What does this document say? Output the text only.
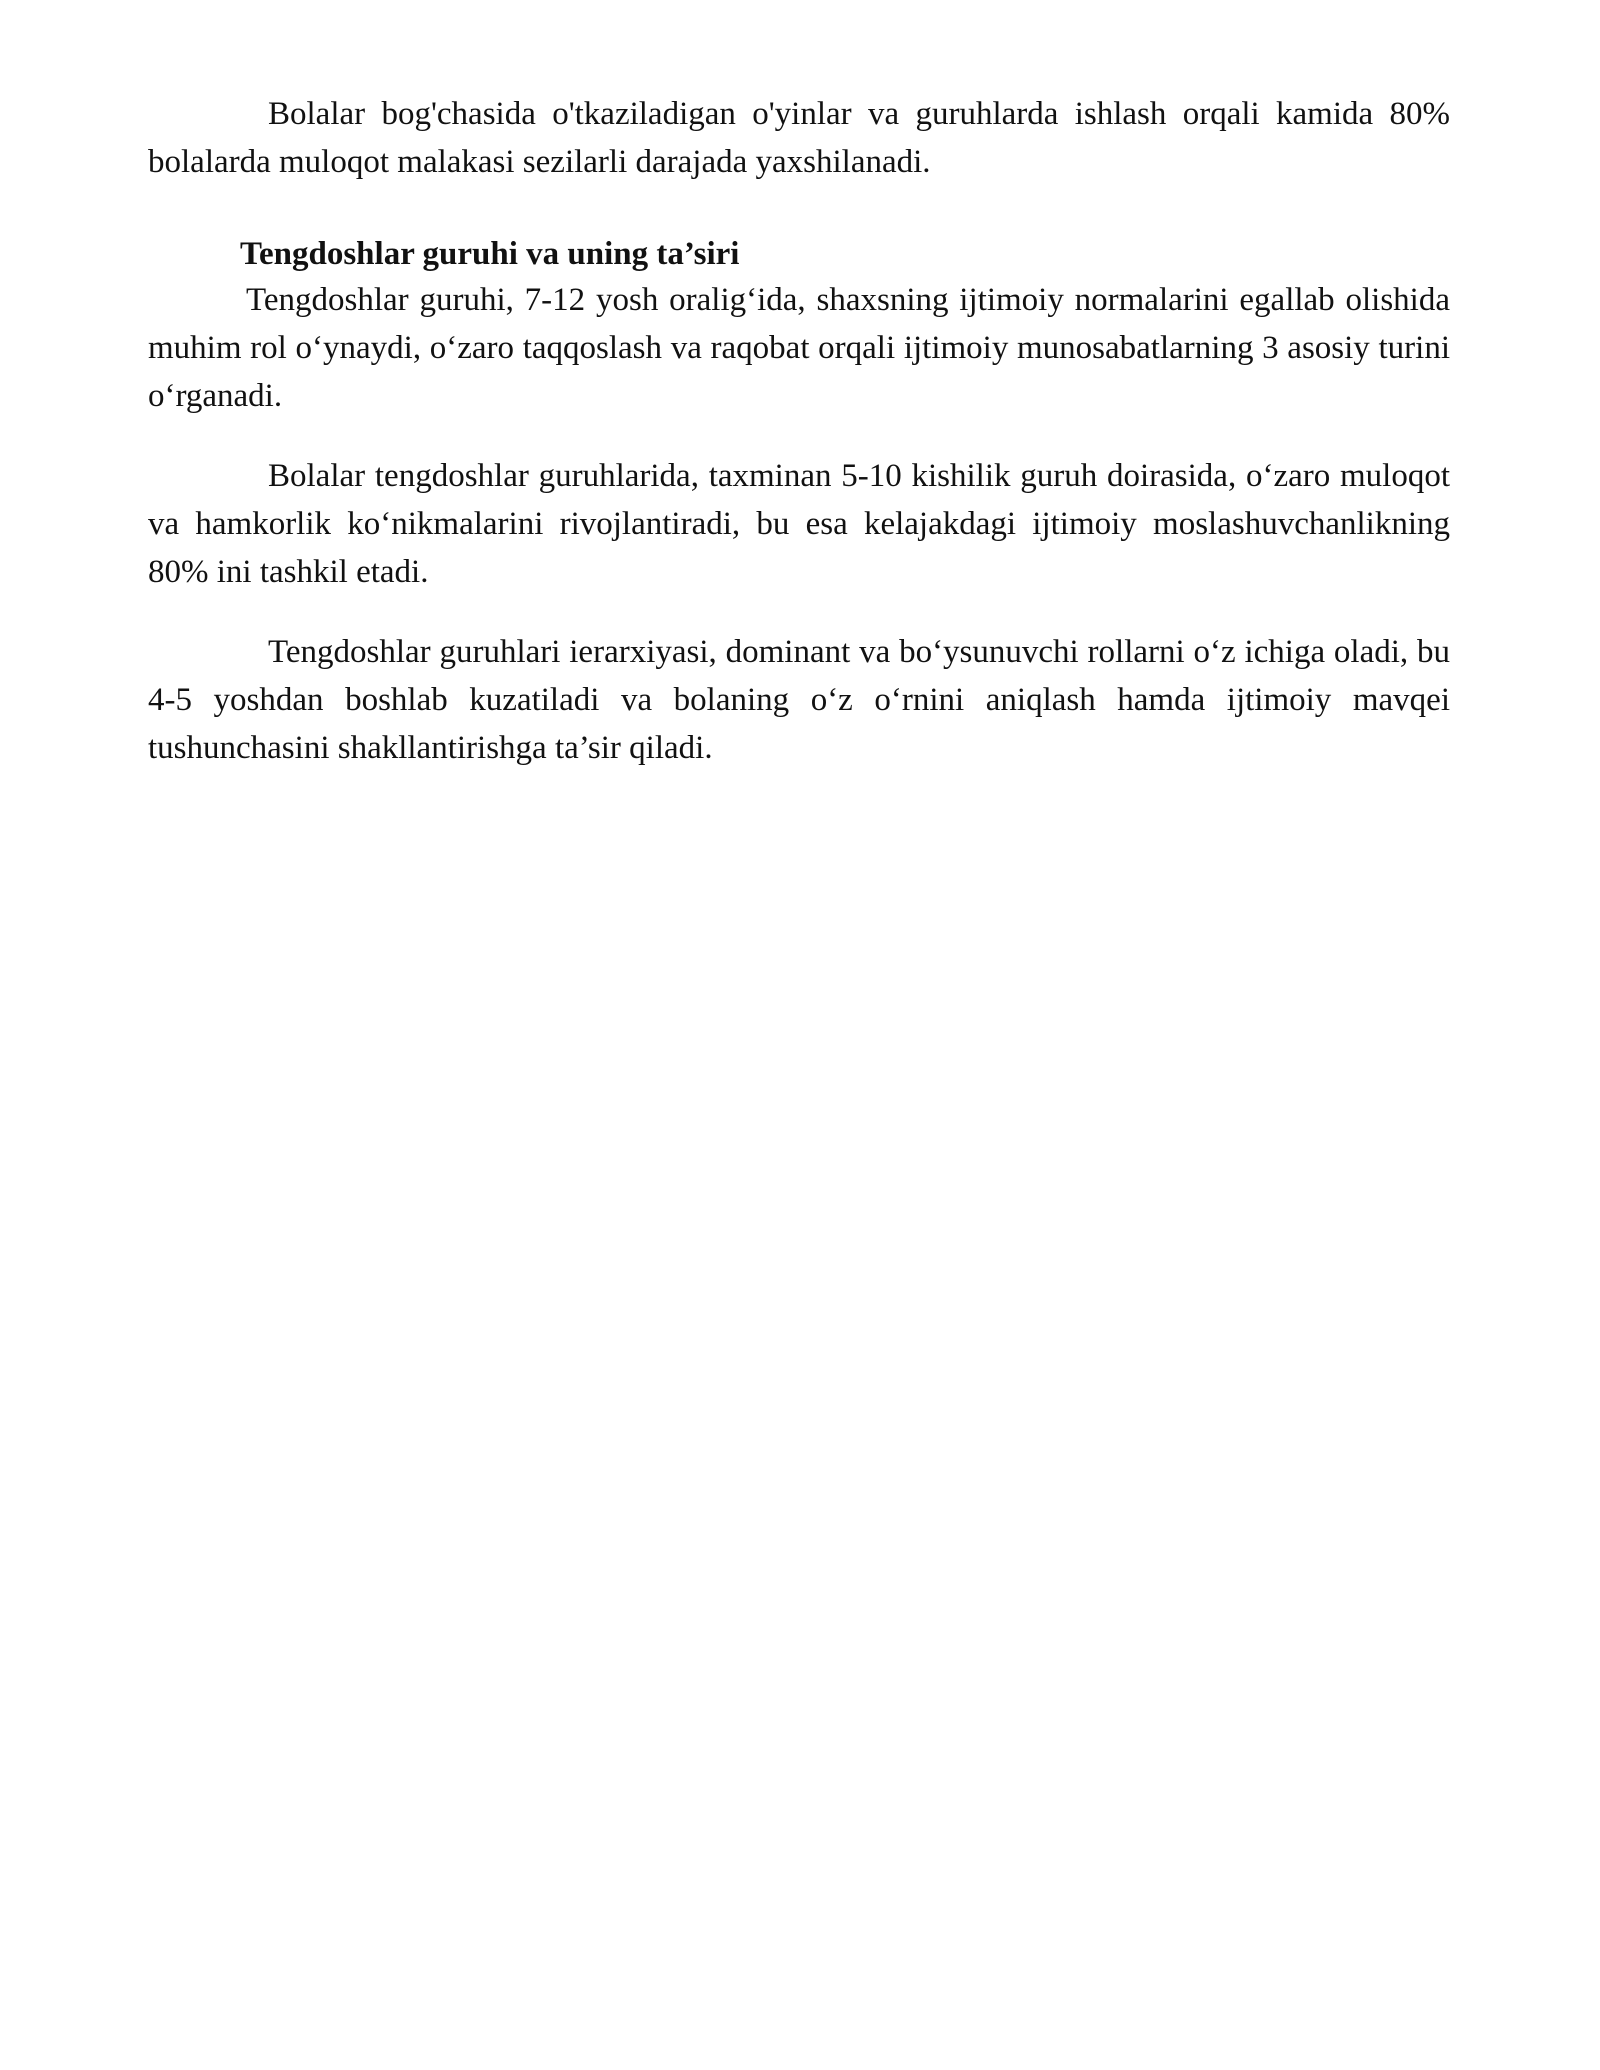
Bolalar bog'chasida o'tkaziladigan o'yinlar va guruhlarda ishlash orqali kamida 80% bolalarda muloqot malakasi sezilarli darajada yaxshilanadi.

Tengdoshlar guruhi va uning ta’siri

Tengdoshlar guruhi, 7-12 yosh oralig‘ida, shaxsning ijtimoiy normalarini egallab olishida muhim rol o‘ynaydi, o‘zaro taqqoslash va raqobat orqali ijtimoiy munosabatlarning 3 asosiy turini o‘rganadi.

Bolalar tengdoshlar guruhlarida, taxminan 5-10 kishilik guruh doirasida, o‘zaro muloqot va hamkorlik ko‘nikmalarini rivojlantiradi, bu esa kelajakdagi ijtimoiy moslashuvchanlikning 80% ini tashkil etadi.

Tengdoshlar guruhlari ierarxiyasi, dominant va bo‘ysunuvchi rollarni o‘z ichiga oladi, bu 4-5 yoshdan boshlab kuzatiladi va bolaning o‘z o‘rnini aniqlash hamda ijtimoiy mavqei tushunchasini shakllantirishga ta’sir qiladi.
